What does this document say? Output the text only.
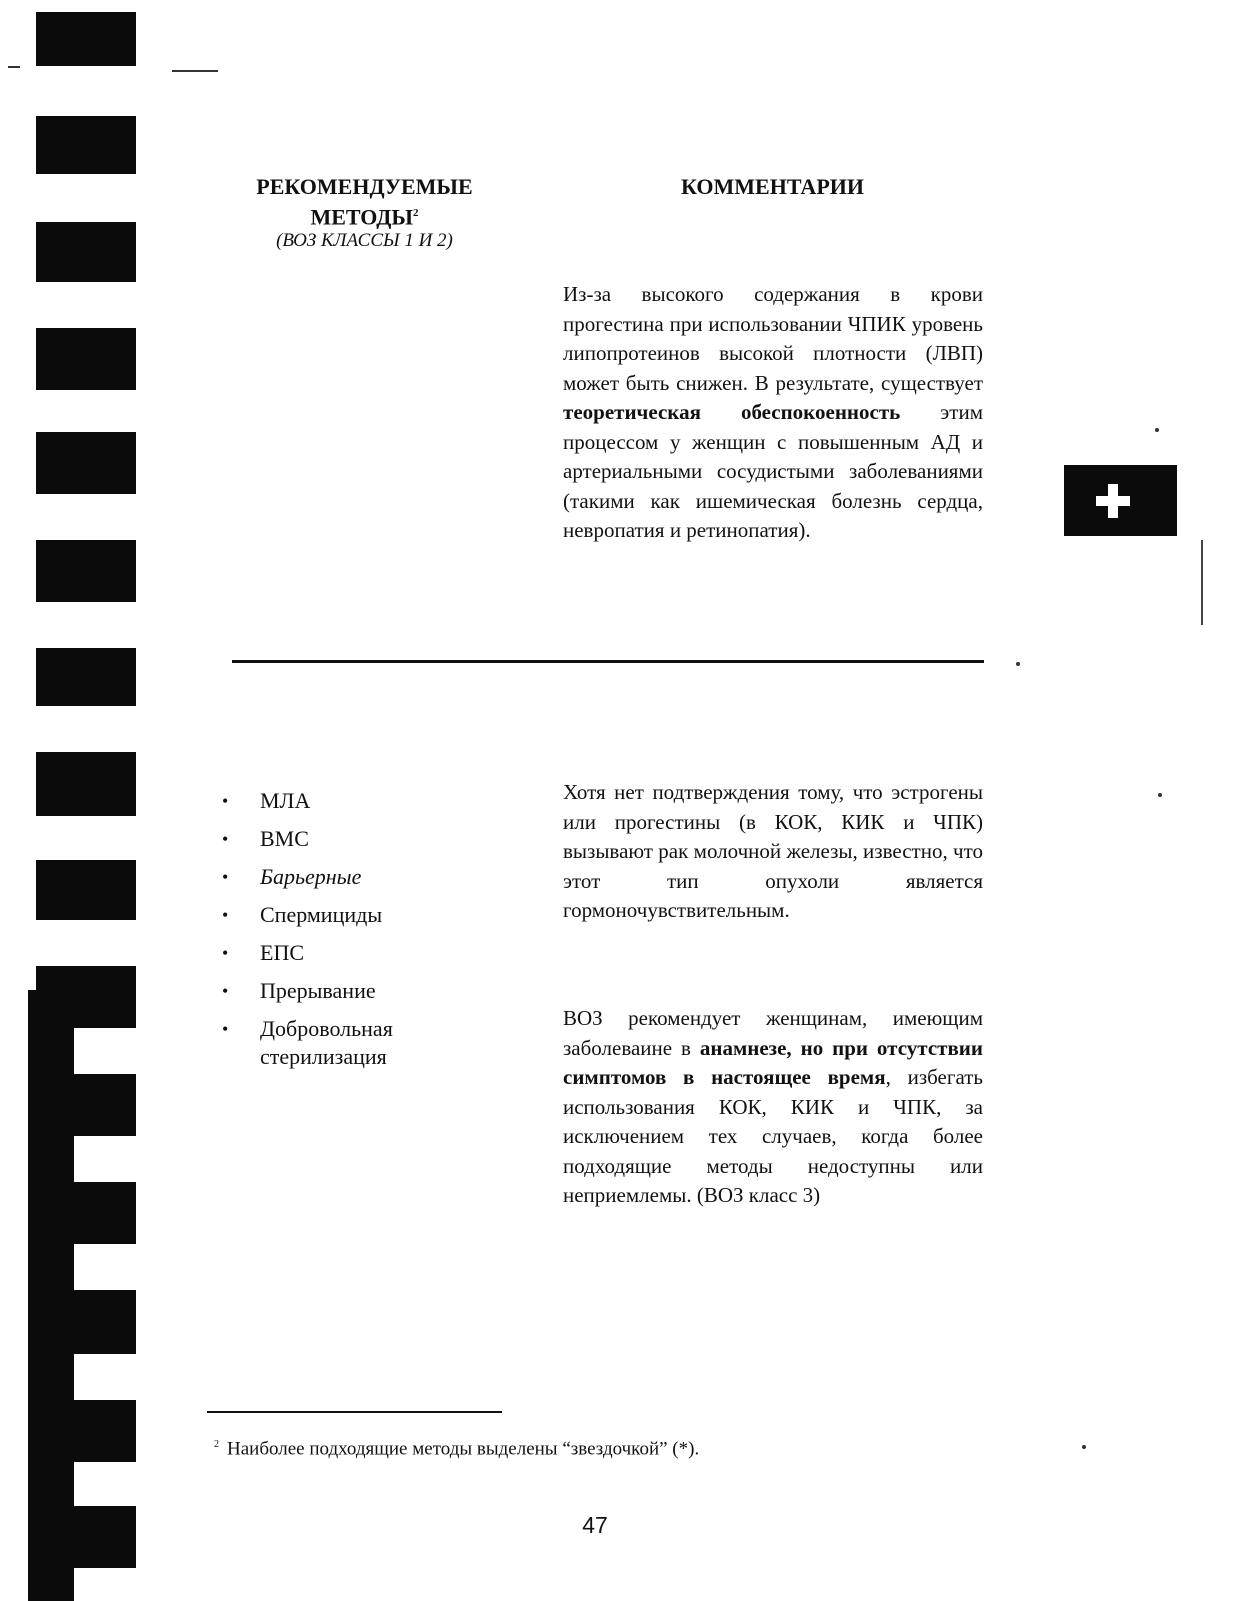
РЕКОМЕНДУЕМЫЕ
МЕТОДЫ$^2$
(ВОЗ КЛАССЫ 1 И 2)
КОММЕНТАРИИ
Из-за высокого содержания в крови прогестина при использовании ЧПИК уровень липопротеинов высокой плотности (ЛВП) может быть снижен. В результате, существует теоретическая обеспокоенность этим процессом у женщин с повышенным АД и артериальными сосудистыми заболеваниями (такими как ишемическая болезнь сердца, невропатия и ретинопатия).
• МЛА
• ВМС
• Барьерные
• Спермициды
• ЕПС
• Прерывание
• Добровольная стерилизация
Хотя нет подтверждения тому, что эстрогены или прогестины (в КОК, КИК и ЧПК) вызывают рак молочной железы, известно, что этот тип опухоли является гормоночувствительным.
ВОЗ рекомендует женщинам, имеющим заболеваине в анамнезе, но при отсутствии симптомов в настоящее время, избегать использования КОК, КИК и ЧПК, за исключением тех случаев, когда более подходящие методы недоступны или неприемлемы. (ВОЗ класс 3)
$^2$ Наиболее подходящие методы выделены “звездочкой” (*).
47
